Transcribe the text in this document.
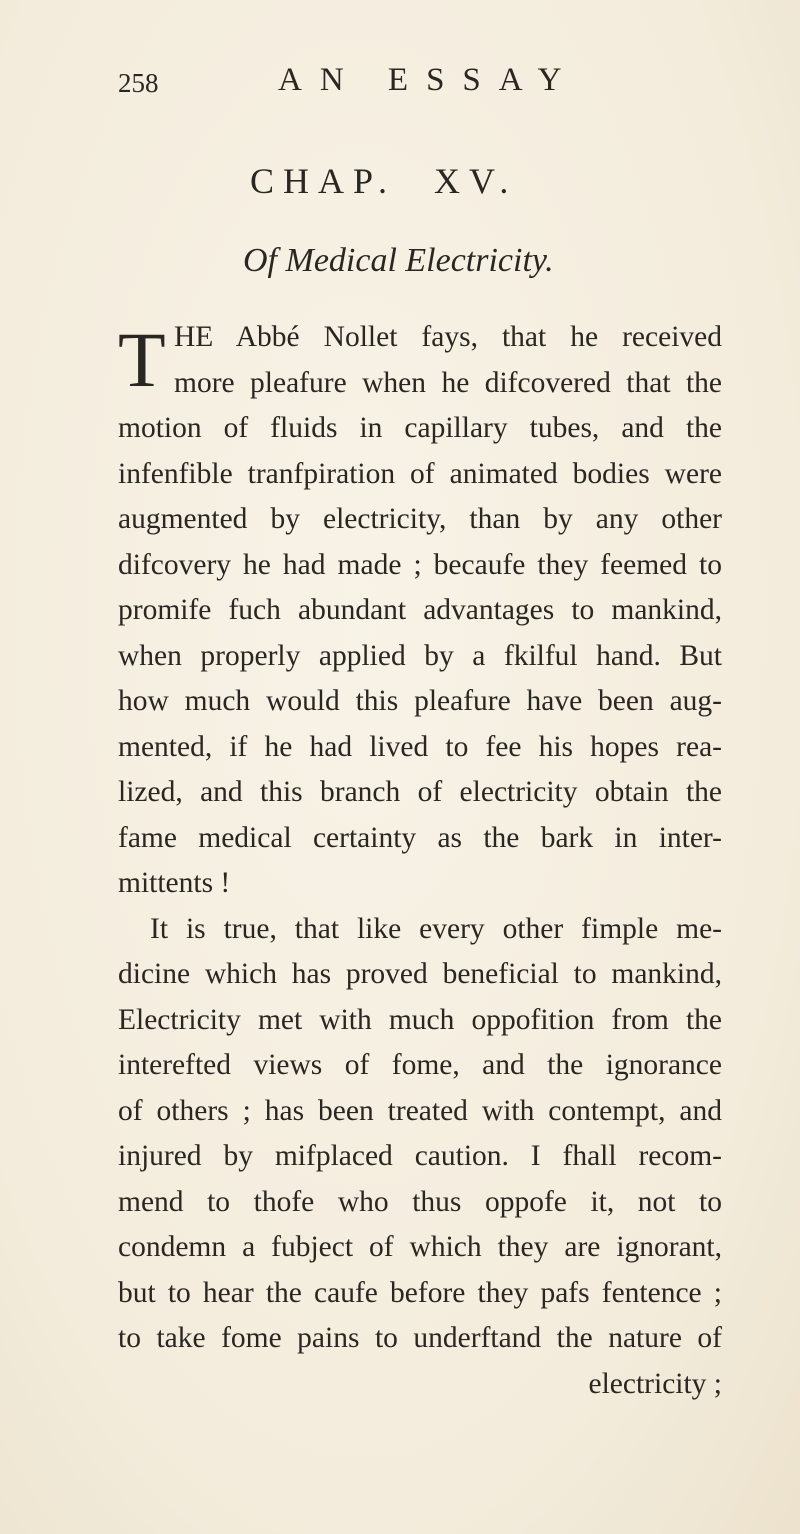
258	AN ESSAY
CHAP. XV.
Of Medical Electricity.
T HE Abbé Nollet fays, that he received
more pleafure when he difcovered that the
motion of fluids in capillary tubes, and the
infenfible tranfpiration of animated bodies were
augmented by electricity, than by any other
difcovery he had made ; becaufe they feemed to
promife fuch abundant advantages to mankind,
when properly applied by a fkilful hand. But
how much would this pleafure have been aug-
mented, if he had lived to fee his hopes rea-
lized, and this branch of electricity obtain the
fame medical certainty as the bark in inter-
mittents !
It is true, that like every other fimple me-
dicine which has proved beneficial to mankind,
Electricity met with much oppofition from the
interefted views of fome, and the ignorance
of others ; has been treated with contempt, and
injured by mifplaced caution. I fhall recom-
mend to thofe who thus oppofe it, not to
condemn a fubject of which they are ignorant,
but to hear the caufe before they pafs fentence ;
to take fome pains to underftand the nature of
electricity ;
